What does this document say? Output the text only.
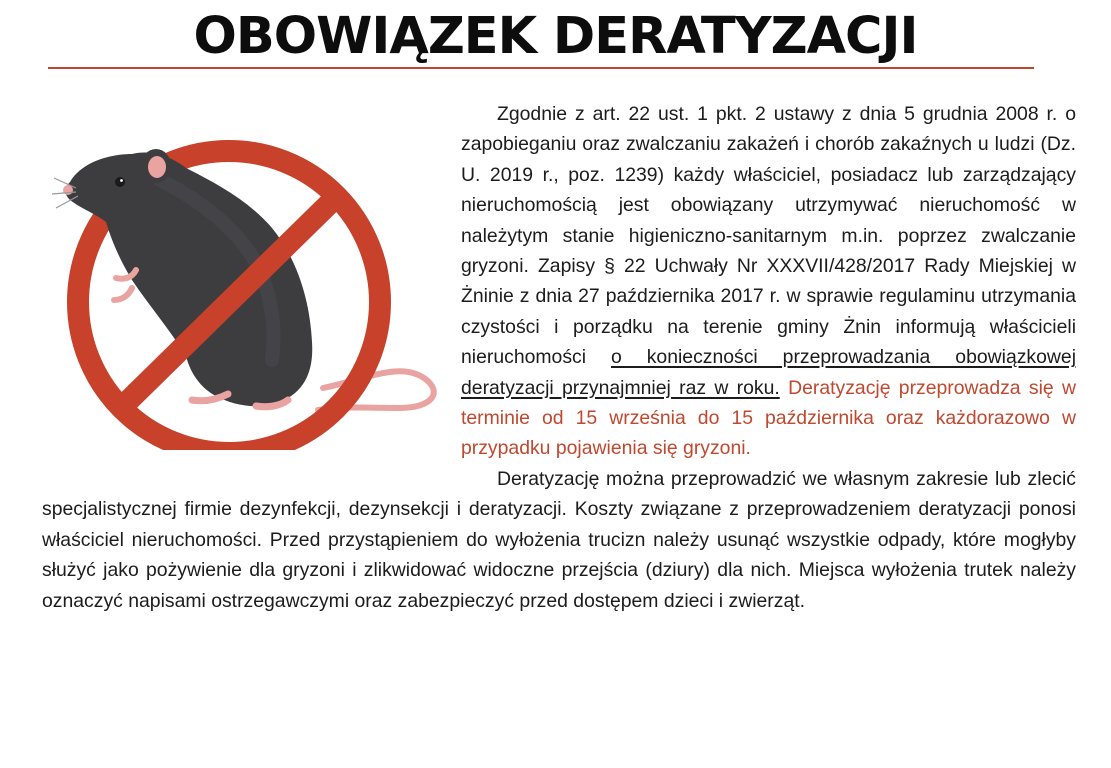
OBOWIĄZEK DERATYZACJI

Zgodnie z art. 22 ust. 1 pkt. 2 ustawy z dnia 5 grudnia 2008 r. o zapobieganiu oraz zwalczaniu zakażeń i chorób zakaźnych u ludzi (Dz. U. 2019 r., poz. 1239) każdy właściciel, posiadacz lub zarządzający nieruchomością jest obowiązany utrzymywać nieruchomość w należytym stanie higieniczno-sanitarnym m.in. poprzez zwalczanie gryzoni. Zapisy § 22 Uchwały Nr XXXVII/428/2017 Rady Miejskiej w Żninie z dnia 27 października 2017 r. w sprawie regulaminu utrzymania czystości i porządku na terenie gminy Żnin informują właścicieli nieruchomości o konieczności przeprowadzania obowiązkowej deratyzacji przynajmniej raz w roku. Deratyzację przeprowadza się w terminie od 15 września do 15 października oraz każdorazowo w przypadku pojawienia się gryzoni.

Deratyzację można przeprowadzić we własnym zakresie lub zlecić specjalistycznej firmie dezynfekcji, dezynsekcji i deratyzacji. Koszty związane z przeprowadzeniem deratyzacji ponosi właściciel nieruchomości. Przed przystąpieniem do wyłożenia trucizn należy usunąć wszystkie odpady, które mogłyby służyć jako pożywienie dla gryzoni i zlikwidować widoczne przejścia (dziury) dla nich. Miejsca wyłożenia trutek należy oznaczyć napisami ostrzegawczymi oraz zabezpieczyć przed dostępem dzieci i zwierząt.
